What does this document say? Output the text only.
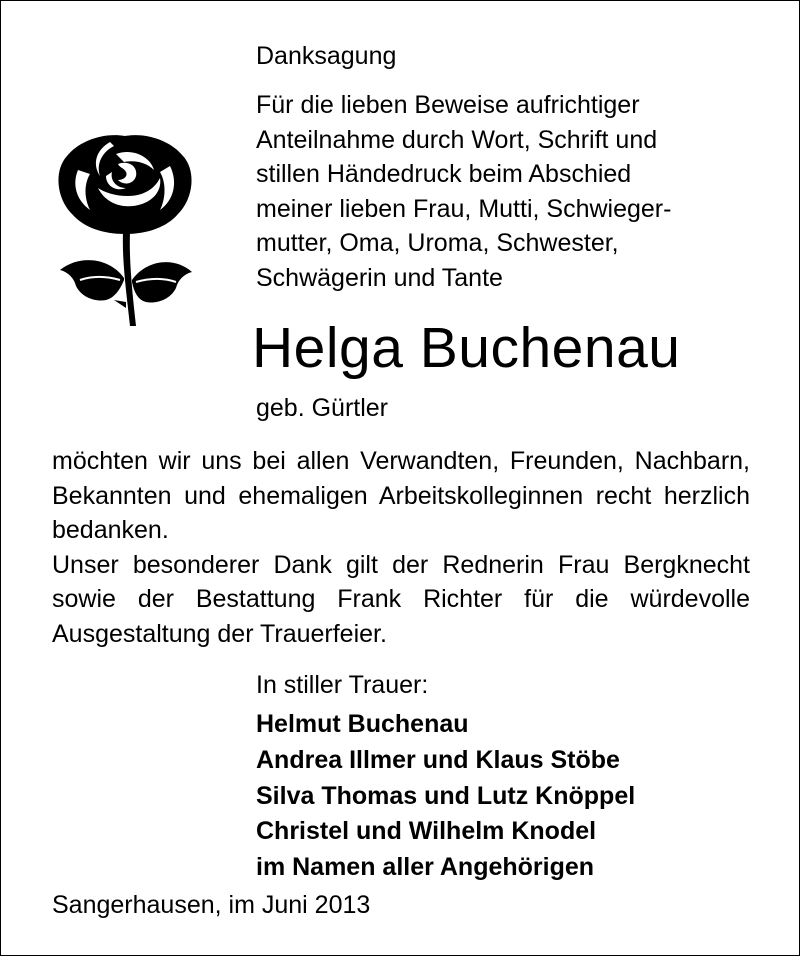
Danksagung
Für die lieben Beweise aufrichtiger
Anteilnahme durch Wort, Schrift und
stillen Händedruck beim Abschied
meiner lieben Frau, Mutti, Schwieger-
mutter, Oma, Uroma, Schwester,
Schwägerin und Tante
Helga Buchenau
geb. Gürtler

möchten wir uns bei allen Verwandten, Freunden, Nachbarn, Bekannten und ehemaligen Arbeitskolleginnen recht herzlich bedanken.

Unser besonderer Dank gilt der Rednerin Frau Bergknecht sowie der Bestattung Frank Richter für die würdevolle Ausgestaltung der Trauerfeier.

In stiller Trauer:
Helmut Buchenau
Andrea Illmer und Klaus Stöbe
Silva Thomas und Lutz Knöppel
Christel und Wilhelm Knodel
im Namen aller Angehörigen
Sangerhausen, im Juni 2013
